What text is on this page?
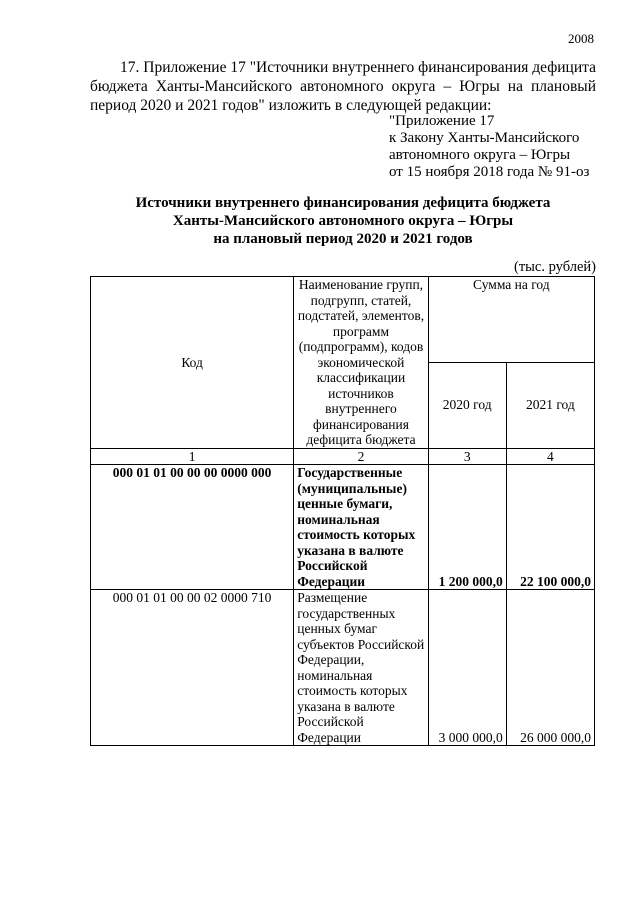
2008
17. Приложение 17 "Источники внутреннего финансирования дефицита бюджета Ханты-Мансийского автономного округа – Югры на плановый период 2020 и 2021 годов" изложить в следующей редакции:
"Приложение 17
к Закону Ханты-Мансийского
автономного округа – Югры
от 15 ноября 2018 года № 91-оз
Источники внутреннего финансирования дефицита бюджета
Ханты-Мансийского автономного округа – Югры
на плановый период 2020 и 2021 годов
(тыс. рублей)
Код	Наименование групп, подгрупп, статей, подстатей, элементов, программ (подпрограмм), кодов экономической классификации источников внутреннего финансирования дефицита бюджета	Сумма на год	
		2020 год	2021 год
1	2	3	4
000 01 01 00 00 00 0000 000	Государственные (муниципальные) ценные бумаги, номинальная стоимость которых указана в валюте Российской Федерации	1 200 000,0	22 100 000,0
000 01 01 00 00 02 0000 710	Размещение государственных ценных бумаг субъектов Российской Федерации, номинальная стоимость которых указана в валюте Российской Федерации	3 000 000,0	26 000 000,0
